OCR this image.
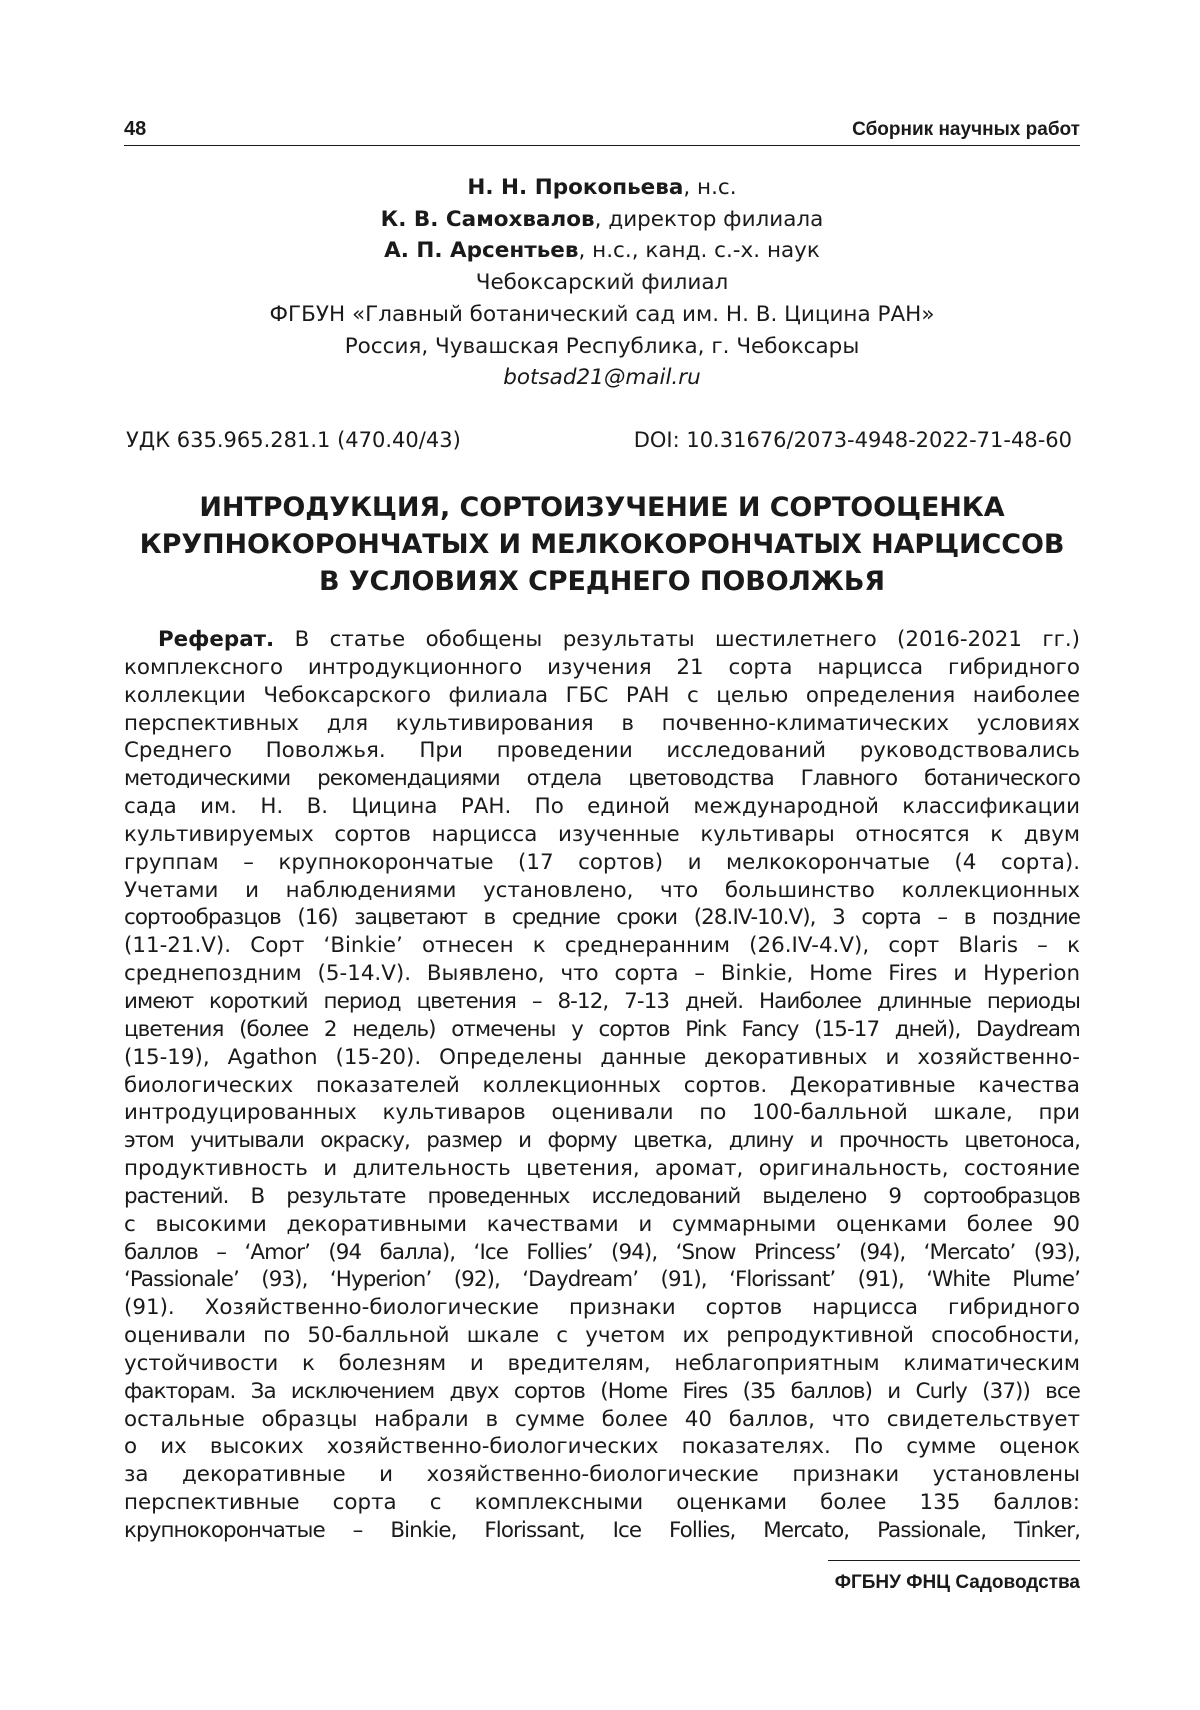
48	Сборник научных работ
Н. Н. Прокопьева, н.с.
К. В. Самохвалов, директор филиала
А. П. Арсентьев, н.с., канд. с.-х. наук
Чебоксарский филиал
ФГБУН «Главный ботанический сад им. Н. В. Цицина РАН»
Россия, Чувашская Республика, г. Чебоксары
botsad21@mail.ru
УДК 635.965.281.1 (470.40/43)	DOI: 10.31676/2073-4948-2022-71-48-60
ИНТРОДУКЦИЯ, СОРТОИЗУЧЕНИЕ И СОРТООЦЕНКА
КРУПНОКОРОНЧАТЫХ И МЕЛКОКОРОНЧАТЫХ НАРЦИССОВ
В УСЛОВИЯХ СРЕДНЕГО ПОВОЛЖЬЯ
Реферат. В статье обобщены результаты шестилетнего (2016-2021 гг.)
комплексного интродукционного изучения 21 сорта нарцисса гибридного
коллекции Чебоксарского филиала ГБС РАН с целью определения наиболее
перспективных для культивирования в почвенно-климатических условиях
Среднего Поволжья. При проведении исследований руководствовались
методическими рекомендациями отдела цветоводства Главного ботанического
сада им. Н. В. Цицина РАН. По единой международной классификации
культивируемых сортов нарцисса изученные культивары относятся к двум
группам – крупнокорончатые (17 сортов) и мелкокорончатые (4 сорта).
Учетами и наблюдениями установлено, что большинство коллекционных
сортообразцов (16) зацветают в средние сроки (28.IV-10.V), 3 сорта – в поздние
(11-21.V). Сорт ‘Binkie’ отнесен к среднеранним (26.IV-4.V), сорт Blaris – к
среднепоздним (5-14.V). Выявлено, что сорта – Binkie, Home Fires и Hyperion
имеют короткий период цветения – 8-12, 7-13 дней. Наиболее длинные периоды
цветения (более 2 недель) отмечены у сортов Pink Fancy (15-17 дней), Daydream
(15-19), Agathon (15-20). Определены данные декоративных и хозяйственно-
биологических показателей коллекционных сортов. Декоративные качества
интродуцированных культиваров оценивали по 100-балльной шкале, при
этом учитывали окраску, размер и форму цветка, длину и прочность цветоноса,
продуктивность и длительность цветения, аромат, оригинальность, состояние
растений. В результате проведенных исследований выделено 9 сортообразцов
с высокими декоративными качествами и суммарными оценками более 90
баллов – ‘Amor’ (94 балла), ‘Ice Follies’ (94), ‘Snow Princess’ (94), ‘Mercato’ (93),
‘Passionale’ (93), ‘Hyperion’ (92), ‘Daydream’ (91), ‘Florissant’ (91), ‘White Plume’
(91). Хозяйственно-биологические признаки сортов нарцисса гибридного
оценивали по 50-балльной шкале с учетом их репродуктивной способности,
устойчивости к болезням и вредителям, неблагоприятным климатическим
факторам. За исключением двух сортов (Home Fires (35 баллов) и Curly (37)) все
остальные образцы набрали в сумме более 40 баллов, что свидетельствует
о их высоких хозяйственно-биологических показателях. По сумме оценок
за декоративные и хозяйственно-биологические признаки установлены
перспективные сорта с комплексными оценками более 135 баллов:
крупнокорончатые – Binkie, Florissant, Ice Follies, Mercato, Passionale, Tinker,
ФГБНУ ФНЦ Садоводства
